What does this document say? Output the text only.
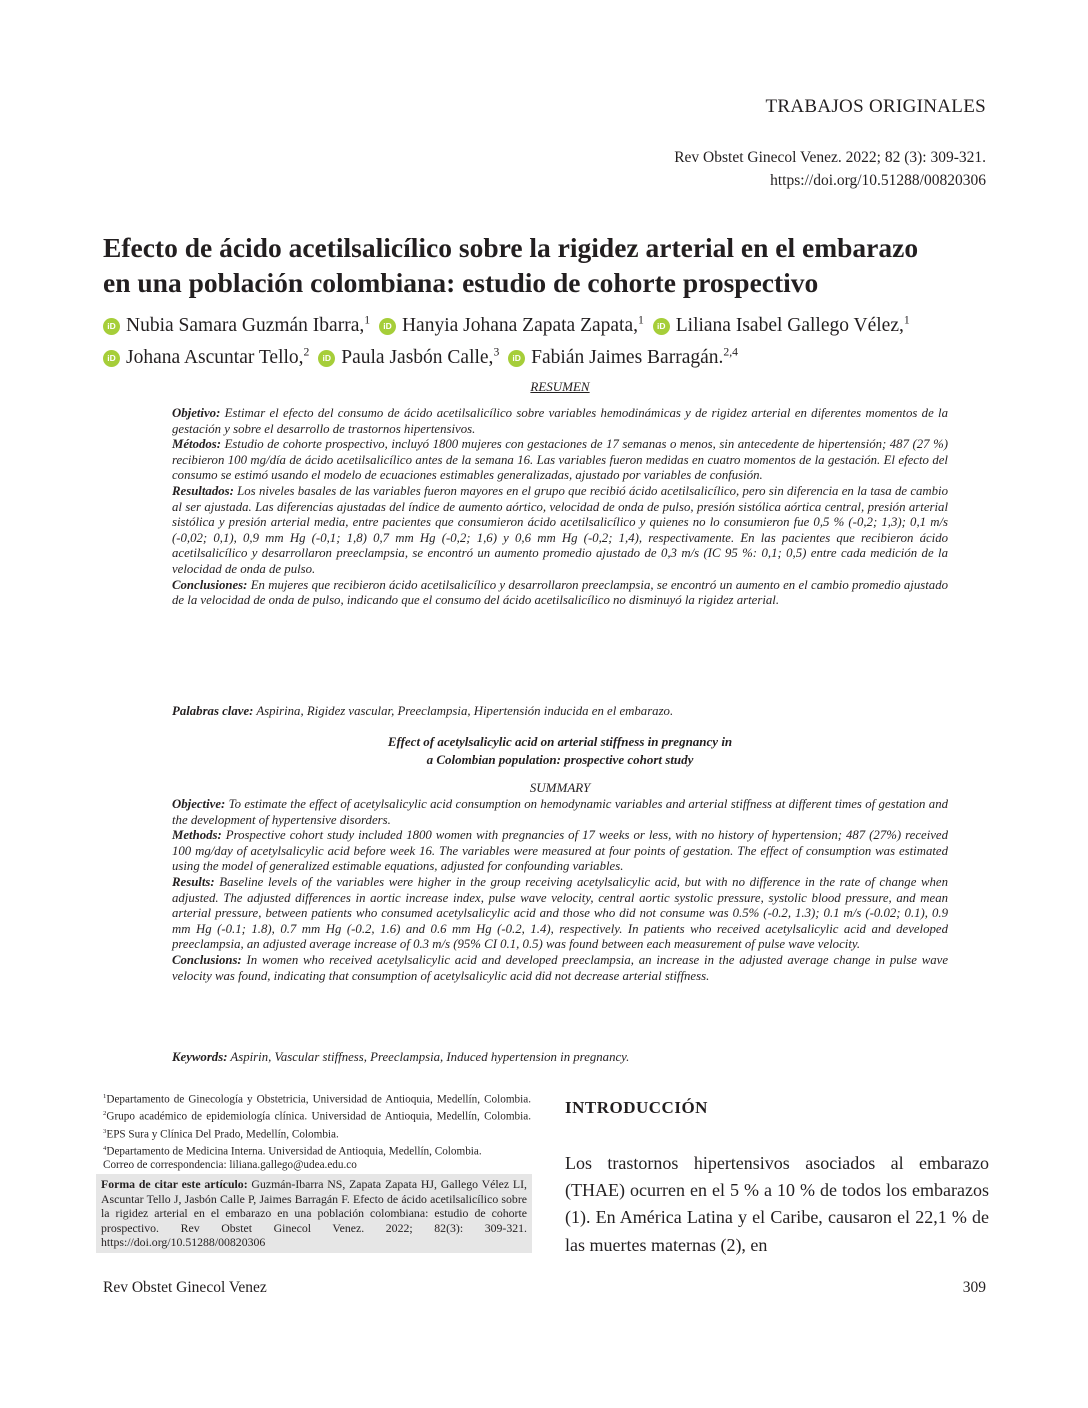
TRABAJOS ORIGINALES
Rev Obstet Ginecol Venez. 2022; 82 (3): 309-321.
https://doi.org/10.51288/00820306
Efecto de ácido acetilsalicílico sobre la rigidez arterial en el embarazo
en una población colombiana: estudio de cohorte prospectivo
iD Nubia Samara Guzmán Ibarra,$^1$ iD Hanyia Johana Zapata Zapata,$^1$ iD Liliana Isabel Gallego Vélez,$^1$
iD Johana Ascuntar Tello,$^2$ iD Paula Jasbón Calle,$^3$ iD Fabián Jaimes Barragán.$^{2,4}$
RESUMEN

Objetivo: Estimar el efecto del consumo de ácido acetilsalicílico sobre variables hemodinámicas y de rigidez arterial en diferentes momentos de la gestación y sobre el desarrollo de trastornos hipertensivos.

Métodos: Estudio de cohorte prospectivo, incluyó 1800 mujeres con gestaciones de 17 semanas o menos, sin antecedente de hipertensión; 487 (27 %) recibieron 100 mg/día de ácido acetilsalicílico antes de la semana 16. Las variables fueron medidas en cuatro momentos de la gestación. El efecto del consumo se estimó usando el modelo de ecuaciones estimables generalizadas, ajustado por variables de confusión.

Resultados: Los niveles basales de las variables fueron mayores en el grupo que recibió ácido acetilsalicílico, pero sin diferencia en la tasa de cambio al ser ajustada. Las diferencias ajustadas del índice de aumento aórtico, velocidad de onda de pulso, presión sistólica aórtica central, presión arterial sistólica y presión arterial media, entre pacientes que consumieron ácido acetilsalicílico y quienes no lo consumieron fue 0,5 % (-0,2; 1,3); 0,1 m/s (-0,02; 0,1), 0,9 mm Hg (-0,1; 1,8) 0,7 mm Hg (-0,2; 1,6) y 0,6 mm Hg (-0,2; 1,4), respectivamente. En las pacientes que recibieron ácido acetilsalicílico y desarrollaron preeclampsia, se encontró un aumento promedio ajustado de 0,3 m/s (IC 95 %: 0,1; 0,5) entre cada medición de la velocidad de onda de pulso.

Conclusiones: En mujeres que recibieron ácido acetilsalicílico y desarrollaron preeclampsia, se encontró un aumento en el cambio promedio ajustado de la velocidad de onda de pulso, indicando que el consumo del ácido acetilsalicílico no disminuyó la rigidez arterial.

Palabras clave: Aspirina, Rigidez vascular, Preeclampsia, Hipertensión inducida en el embarazo.

Effect of acetylsalicylic acid on arterial stiffness in pregnancy in
a Colombian population: prospective cohort study
SUMMARY

Objective: To estimate the effect of acetylsalicylic acid consumption on hemodynamic variables and arterial stiffness at different times of gestation and the development of hypertensive disorders.

Methods: Prospective cohort study included 1800 women with pregnancies of 17 weeks or less, with no history of hypertension; 487 (27%) received 100 mg/day of acetylsalicylic acid before week 16. The variables were measured at four points of gestation. The effect of consumption was estimated using the model of generalized estimable equations, adjusted for confounding variables.

Results: Baseline levels of the variables were higher in the group receiving acetylsalicylic acid, but with no difference in the rate of change when adjusted. The adjusted differences in aortic increase index, pulse wave velocity, central aortic systolic pressure, systolic blood pressure, and mean arterial pressure, between patients who consumed acetylsalicylic acid and those who did not consume was 0.5% (-0.2, 1.3); 0.1 m/s (-0.02; 0.1), 0.9 mm Hg (-0.1; 1.8), 0.7 mm Hg (-0.2, 1.6) and 0.6 mm Hg (-0.2, 1.4), respectively. In patients who received acetylsalicylic acid and developed preeclampsia, an adjusted average increase of 0.3 m/s (95% CI 0.1, 0.5) was found between each measurement of pulse wave velocity.

Conclusions: In women who received acetylsalicylic acid and developed preeclampsia, an increase in the adjusted average change in pulse wave velocity was found, indicating that consumption of acetylsalicylic acid did not decrease arterial stiffness.

Keywords: Aspirin, Vascular stiffness, Preeclampsia, Induced hypertension in pregnancy.

$^1$Departamento de Ginecología y Obstetricia, Universidad de Antioquia, Medellín, Colombia. $^2$Grupo académico de epidemiología clínica. Universidad de Antioquia, Medellín, Colombia. $^3$EPS Sura y Clínica Del Prado, Medellín, Colombia.

$^4$Departamento de Medicina Interna. Universidad de Antioquia, Medellín, Colombia.

Correo de correspondencia: liliana.gallego@udea.edu.co

Forma de citar este artículo: Guzmán-Ibarra NS, Zapata Zapata HJ, Gallego Vélez LI, Ascuntar Tello J, Jasbón Calle P, Jaimes Barragán F. Efecto de ácido acetilsalicílico sobre la rigidez arterial en el embarazo en una población colombiana: estudio de cohorte prospectivo. Rev Obstet Ginecol Venez. 2022; 82(3): 309-321. https://doi.org/10.51288/00820306
INTRODUCCIÓN

Los trastornos hipertensivos asociados al embarazo (THAE) ocurren en el 5 % a 10 % de todos los embarazos (1). En América Latina y el Caribe, causaron el 22,1 % de las muertes maternas (2), en

Rev Obstet Ginecol Venez	309
